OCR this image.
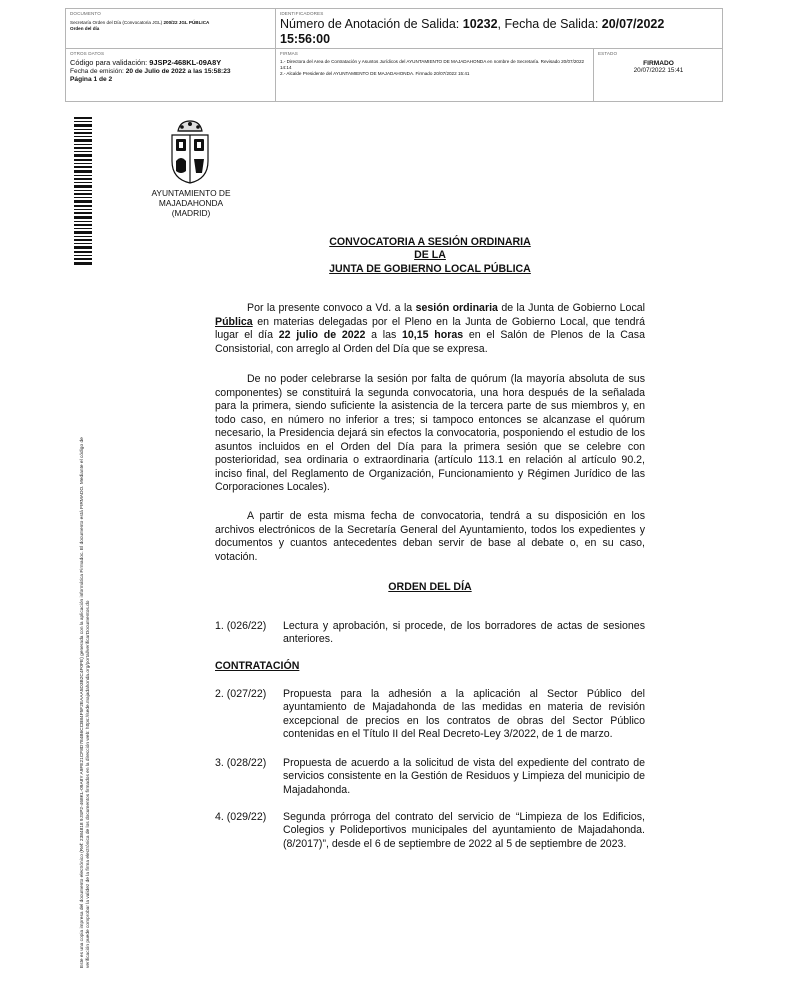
DOCUMENTO
Secretaría Orden del Día (Convocatoria JGL) 200/22 JGL PÚBLICA
Orden del día
IDENTIFICADORES
Número de Anotación de Salida: 10232, Fecha de Salida: 20/07/2022
15:56:00
OTROS DATOS
Código para validación: 9JSP2-468KL-09A8Y
Fecha de emisión: 20 de Julio de 2022 a las 15:58:23
Página 1 de 2
FIRMAS
1.- Directora del Area de Contratación y Asuntos Jurídicos del AYUNTAMIENTO DE MAJADAHONDA en nombre de Secretaría. Revisado 20/07/2022 14:14
2.- Alcalde Presidente del AYUNTAMIENTO DE MAJADAHONDA. Firmado 20/07/2022 15:41
ESTADO
FIRMADO
20/07/2022 15:41
Este es una copia impresa del documento electrónico (Ref: 2384818 9JSP2-468KL-09A8Y A9FE21CF8D784B6CCB84F5F2EAAA5D3B2C4F0FE) generada con la aplicación informática Firmadoc. El documento está FIRMADO. Mediante el código de verificación puede comprobar la validez de la firma electrónica de los documentos firmados en la dirección web: https://sede.majadahonda.org/portal/verificarDocumentos.do
AYUNTAMIENTO DE
MAJADAHONDA
(MADRID)
CONVOCATORIA A SESIÓN ORDINARIA
DE LA
JUNTA DE GOBIERNO LOCAL PÚBLICA
Por la presente convoco a Vd. a la sesión ordinaria de la Junta de Gobierno Local Pública en materias delegadas por el Pleno en la Junta de Gobierno Local, que tendrá lugar el día 22 julio de 2022 a las 10,15 horas en el Salón de Plenos de la Casa Consistorial, con arreglo al Orden del Día que se expresa.
De no poder celebrarse la sesión por falta de quórum (la mayoría absoluta de sus componentes) se constituirá la segunda convocatoria, una hora después de la señalada para la primera, siendo suficiente la asistencia de la tercera parte de sus miembros y, en todo caso, en número no inferior a tres; si tampoco entonces se alcanzase el quórum necesario, la Presidencia dejará sin efectos la convocatoria, posponiendo el estudio de los asuntos incluidos en el Orden del Día para la primera sesión que se celebre con posterioridad, sea ordinaria o extraordinaria (artículo 113.1 en relación al artículo 90.2, inciso final, del Reglamento de Organización, Funcionamiento y Régimen Jurídico de las Corporaciones Locales).
A partir de esta misma fecha de convocatoria, tendrá a su disposición en los archivos electrónicos de la Secretaría General del Ayuntamiento, todos los expedientes y documentos y cuantos antecedentes deban servir de base al debate o, en su caso, votación.
ORDEN DEL DÍA
1. (026/22)	Lectura y aprobación, si procede, de los borradores de actas de sesiones anteriores.
CONTRATACIÓN
2. (027/22)	Propuesta para la adhesión a la aplicación al Sector Público del ayuntamiento de Majadahonda de las medidas en materia de revisión excepcional de precios en los contratos de obras del Sector Público contenidas en el Título II del Real Decreto-Ley 3/2022, de 1 de marzo.
3. (028/22)	Propuesta de acuerdo a la solicitud de vista del expediente del contrato de servicios consistente en la Gestión de Residuos y Limpieza del municipio de Majadahonda.
4. (029/22)	Segunda prórroga del contrato del servicio de “Limpieza de los Edificios, Colegios y Polideportivos municipales del ayuntamiento de Majadahonda. (8/2017)”, desde el 6 de septiembre de 2022 al 5 de septiembre de 2023.
